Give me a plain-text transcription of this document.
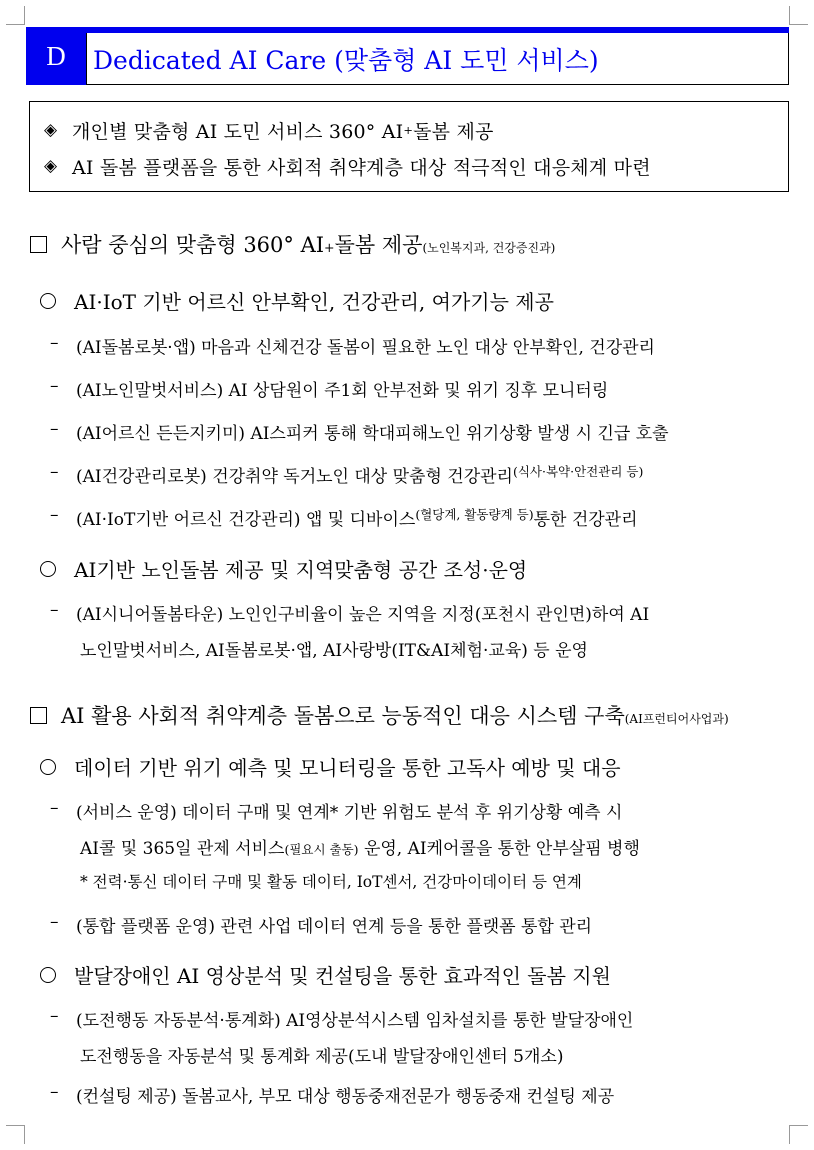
D	Dedicated AI Care (맞춤형 AI 도민 서비스)
◈ 개인별 맞춤형 AI 도민 서비스 360° AI + 돌봄 제공
◈ AI 돌봄 플랫폼을 통한 사회적 취약계층 대상 적극적인 대응체계 마련
사람 중심의 맞춤형 360° AI + 돌봄 제공 (노인복지과, 건강증진과)
AI·IoT 기반 어르신 안부확인, 건강관리, 여가기능 제공
–	(AI돌봄로봇·앱) 마음과 신체건강 돌봄이 필요한 노인 대상 안부확인, 건강관리
–	(AI노인말벗서비스) AI 상담원이 주1회 안부전화 및 위기 징후 모니터링
–	(AI어르신 든든지키미) AI스피커 통해 학대피해노인 위기상황 발생 시 긴급 호출
–	(AI건강관리로봇) 건강취약 독거노인 대상 맞춤형 건강관리 (식사·복약·안전관리 등)
–	(AI·IoT기반 어르신 건강관리) 앱 및 디바이스 (혈당계, 활동량계 등) 통한 건강관리
AI기반 노인돌봄 제공 및 지역맞춤형 공간 조성·운영
–	(AI시니어돌봄타운) 노인인구비율이 높은 지역을 지정(포천시 관인면)하여 AI
노인말벗서비스, AI돌봄로봇·앱, AI사랑방(IT&AI체험·교육) 등 운영
AI 활용 사회적 취약계층 돌봄으로 능동적인 대응 시스템 구축 (AI프런티어사업과)
데이터 기반 위기 예측 및 모니터링을 통한 고독사 예방 및 대응
–	(서비스 운영) 데이터 구매 및 연계* 기반 위험도 분석 후 위기상황 예측 시
AI콜 및 365일 관제 서비스(필요시 출동) 운영, AI케어콜을 통한 안부살핌 병행
* 전력·통신 데이터 구매 및 활동 데이터, IoT센서, 건강마이데이터 등 연계
–	(통합 플랫폼 운영) 관련 사업 데이터 연계 등을 통한 플랫폼 통합 관리
발달장애인 AI 영상분석 및 컨설팅을 통한 효과적인 돌봄 지원
–	(도전행동 자동분석·통계화) AI영상분석시스템 임차설치를 통한 발달장애인
도전행동을 자동분석 및 통계화 제공(도내 발달장애인센터 5개소)
–	(컨설팅 제공) 돌봄교사, 부모 대상 행동중재전문가 행동중재 컨설팅 제공
